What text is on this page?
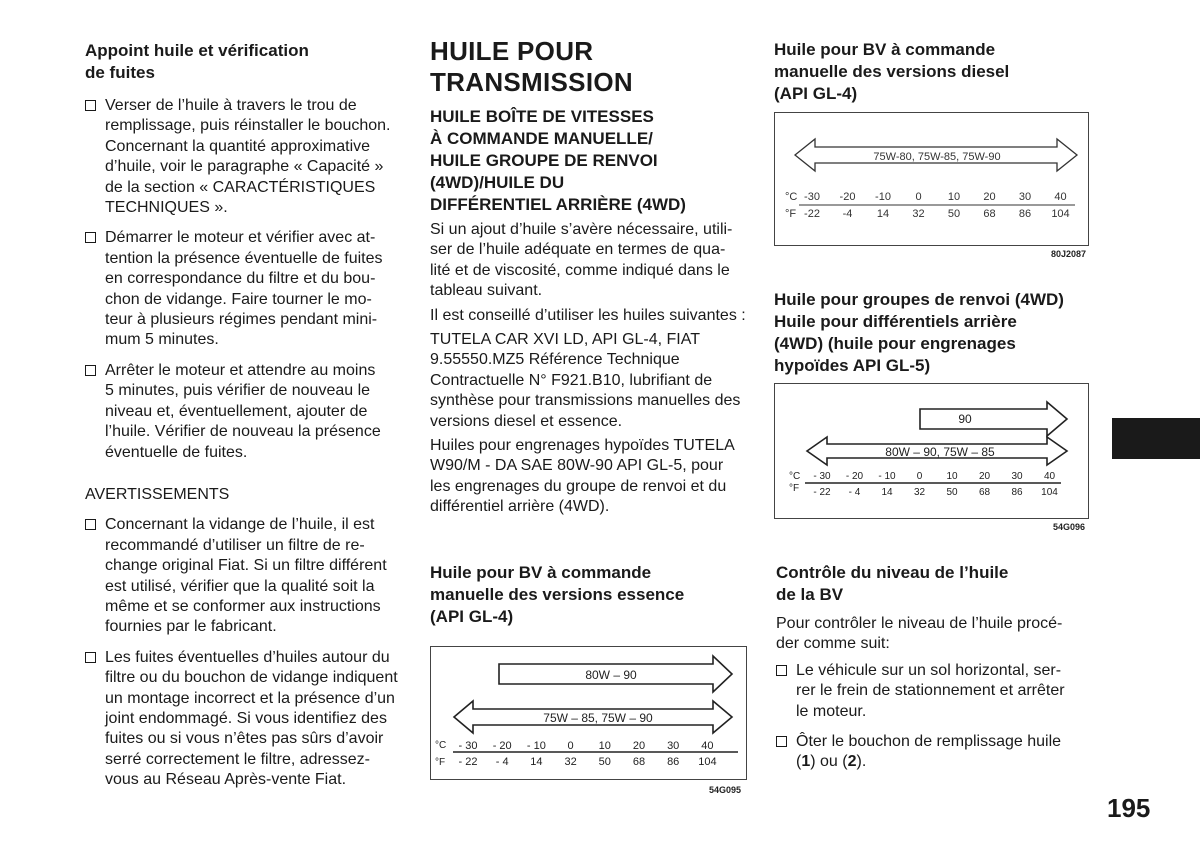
Appoint huile et vérification
de fuites
Verser de l’huile à travers le trou de
remplissage, puis réinstaller le bouchon.
Concernant la quantité approximative
d’huile, voir le paragraphe « Capacité »
de la section « CARACTÉRISTIQUES
TECHNIQUES ».
Démarrer le moteur et vérifier avec at-
tention la présence éventuelle de fuites
en correspondance du filtre et du bou-
chon de vidange. Faire tourner le mo-
teur à plusieurs régimes pendant mini-
mum 5 minutes.
Arrêter le moteur et attendre au moins
5 minutes, puis vérifier de nouveau le
niveau et, éventuellement, ajouter de
l’huile. Vérifier de nouveau la présence
éventuelle de fuites.

AVERTISSEMENTS

Concernant la vidange de l’huile, il est
recommandé d’utiliser un filtre de re-
change original Fiat. Si un filtre différent
est utilisé, vérifier que la qualité soit la
même et se conformer aux instructions
fournies par le fabricant.
Les fuites éventuelles d’huiles autour du
filtre ou du bouchon de vidange indiquent
un montage incorrect et la présence d’un
joint endommagé. Si vous identifiez des
fuites ou si vous n’êtes pas sûrs d’avoir
serré correctement le filtre, adressez-
vous au Réseau Après-vente Fiat.
HUILE POUR
TRANSMISSION
HUILE BOÎTE DE VITESSES
À COMMANDE MANUELLE/
HUILE GROUPE DE RENVOI
(4WD)/HUILE DU
DIFFÉRENTIEL ARRIÈRE (4WD)

Si un ajout d’huile s’avère nécessaire, utili-
ser de l’huile adéquate en termes de qua-
lité et de viscosité, comme indiqué dans le
tableau suivant.

Il est conseillé d’utiliser les huiles suivantes :

TUTELA CAR XVI LD, API GL-4, FIAT
9.55550.MZ5 Référence Technique
Contractuelle N° F921.B10, lubrifiant de
synthèse pour transmissions manuelles des
versions diesel et essence.

Huiles pour engrenages hypoïdes TUTELA
W90/M - DA SAE 80W-90 API GL-5, pour
les engrenages du groupe de renvoi et du
différentiel arrière (4WD).

Huile pour BV à commande
manuelle des versions essence
(API GL-4)
80W – 90
75W – 85, 75W – 90
°C
°F
- 30 - 20 - 10 0 10 20 30 40
- 22 - 4 14 32 50 68 86 104
54G095
Huile pour BV à commande
manuelle des versions diesel
(API GL-4)
75W-80, 75W-85, 75W-90
°C
°F
-30 -20 -10 0 10 20 30 40
-22 -4 14 32 50 68 86 104
80J2087
Huile pour groupes de renvoi (4WD)
Huile pour différentiels arrière
(4WD) (huile pour engrenages
hypoïdes API GL-5)
90
80W – 90, 75W – 85
°C
°F
- 30 - 20 - 10 0 10 20 30 40
- 22 - 4 14 32 50 68 86 104
54G096
Contrôle du niveau de l’huile
de la BV

Pour contrôler le niveau de l’huile procé-
der comme suit:

Le véhicule sur un sol horizontal, ser-
rer le frein de stationnement et arrêter
le moteur.
Ôter le bouchon de remplissage huile
(1) ou (2).
195
